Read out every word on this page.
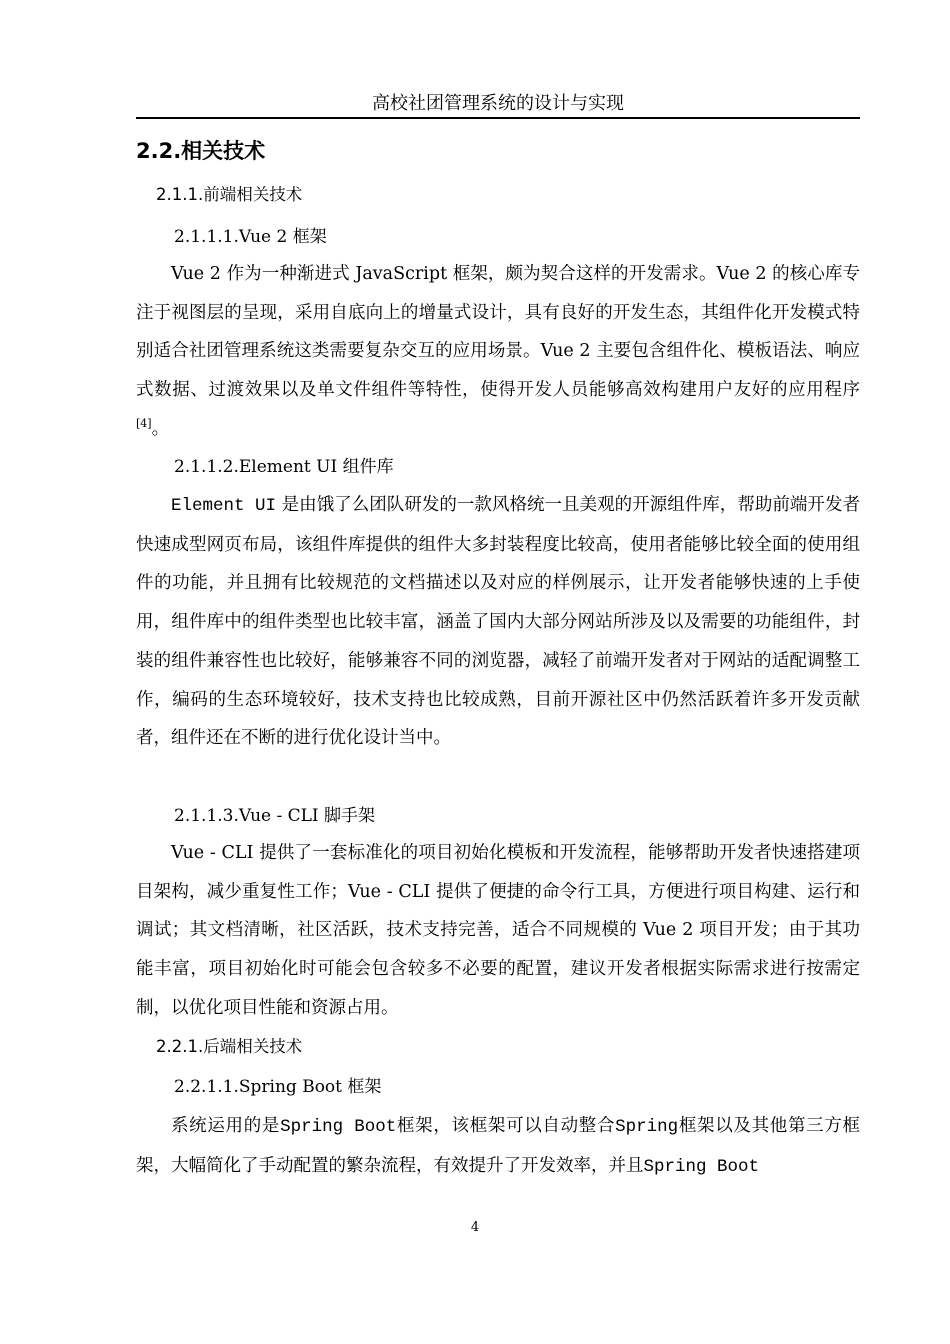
高校社团管理系统的设计与实现
2.2.相关技术
2.1.1.前端相关技术
2.1.1.1.Vue 2 框架

Vue 2 作为一种渐进式 JavaScript 框架，颇为契合这样的开发需求。Vue 2 的核心库专注于视图层的呈现，采用自底向上的增量式设计，具有良好的开发生态，其组件化开发模式特别适合社团管理系统这类需要复杂交互的应用场景。Vue 2 主要包含组件化、模板语法、响应式数据、过渡效果以及单文件组件等特性，使得开发人员能够高效构建用户友好的应用程序[4]。

2.1.1.2.Element UI 组件库

Element UI 是由饿了么团队研发的一款风格统一且美观的开源组件库，帮助前端开发者快速成型网页布局，该组件库提供的组件大多封装程度比较高，使用者能够比较全面的使用组件的功能，并且拥有比较规范的文档描述以及对应的样例展示，让开发者能够快速的上手使用，组件库中的组件类型也比较丰富，涵盖了国内大部分网站所涉及以及需要的功能组件，封装的组件兼容性也比较好，能够兼容不同的浏览器，减轻了前端开发者对于网站的适配调整工作，编码的生态环境较好，技术支持也比较成熟，目前开源社区中仍然活跃着许多开发贡献者，组件还在不断的进行优化设计当中。

2.1.1.3.Vue - CLI 脚手架

Vue - CLI 提供了一套标准化的项目初始化模板和开发流程，能够帮助开发者快速搭建项目架构，减少重复性工作；Vue - CLI 提供了便捷的命令行工具，方便进行项目构建、运行和调试；其文档清晰，社区活跃，技术支持完善，适合不同规模的 Vue 2 项目开发；由于其功能丰富，项目初始化时可能会包含较多不必要的配置，建议开发者根据实际需求进行按需定制，以优化项目性能和资源占用。

2.2.1.后端相关技术
2.2.1.1.Spring Boot 框架

系统运用的是Spring Boot框架，该框架可以自动整合Spring框架以及其他第三方框架，大幅简化了手动配置的繁杂流程，有效提升了开发效率，并且Spring Boot

4
